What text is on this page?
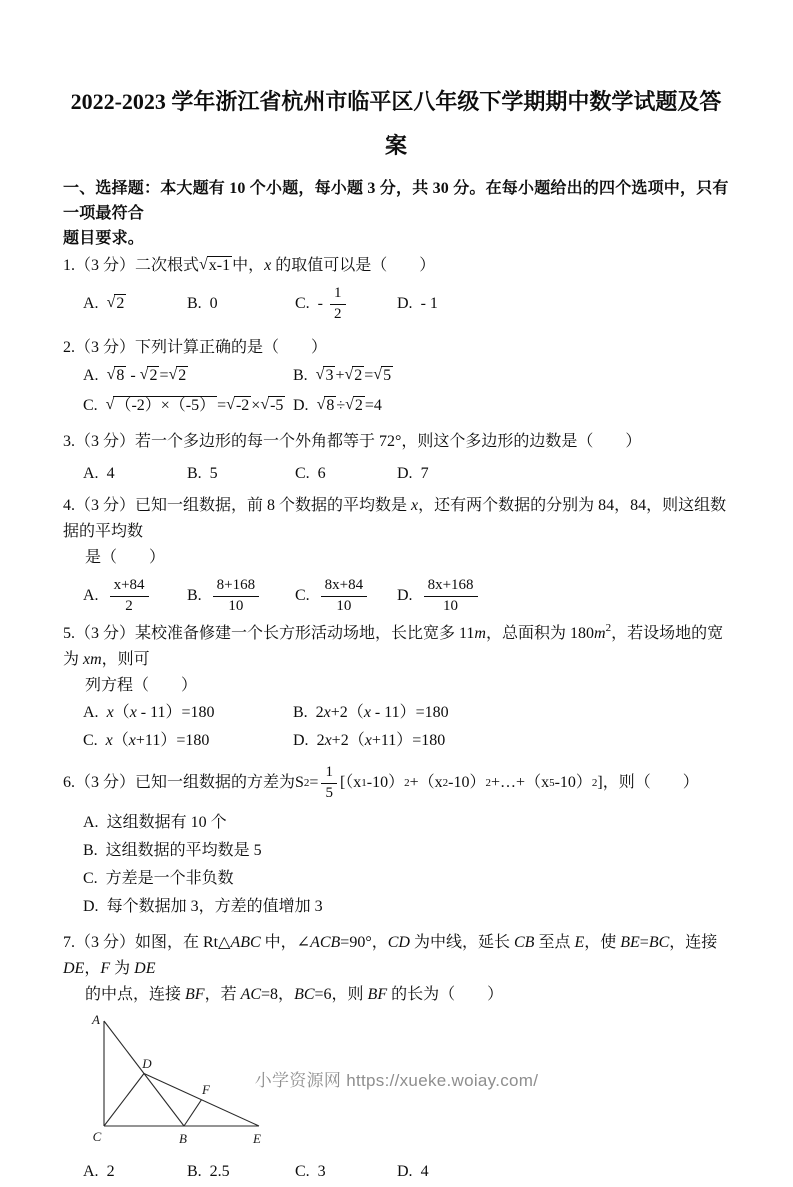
2022-2023 学年浙江省杭州市临平区八年级下学期期中数学试题及答
案
一、选择题：本大题有 10 个小题，每小题 3 分，共 30 分。在每小题给出的四个选项中，只有一项最符合
题目要求。
1.（3 分）二次根式√x-1 中，x 的取值可以是（　　）
A. √2	B. 0	C. - $\frac{1}{2}$	D. - 1
2.（3 分）下列计算正确的是（　　）
A. √8 - √2 =√2	B. √3 +√2 =√5
C. √（-2）×（-5） =√-2 ×√-5 D. √8 ÷√2 =4
3.（3 分）若一个多边形的每一个外角都等于 72°，则这个多边形的边数是（　　）
A. 4	B. 5	C. 6	D. 7
4.（3 分）已知一组数据，前 8 个数据的平均数是 x，还有两个数据的分别为 84，84，则这组数据的平均数
是（　　）
A. $\frac{x+84}{2} B$. $\frac{8+168}{10} C$. $\frac{8x+84}{10} D$. $\frac{8x+168}{10}$
5.（3 分）某校准备修建一个长方形活动场地，长比宽多 11m，总面积为 $180m^2$，若设场地的宽为 xm，则可
列方程（　　）
A. x（x - 11）=180	B. 2x+2（x - 11）=180
C. x（x+11）=180	D. 2x+2（x+11）=180
6.（3 分）已知一组数据的方差为 S $2 = \frac{1}{5} [(x$ 1 -10） 2 +（x 2 -10） 2 +…+（x 5 -10） 2 ]，则（　　）
A. 这组数据有 10 个
B. 这组数据的平均数是 5
C. 方差是一个非负数
D. 每个数据加 3，方差的值增加 3
7.（3 分）如图，在 Rt△ABC 中，∠ACB=90°，CD 为中线，延长 CB 至点 E，使 BE=BC，连接 DE，F 为 DE
的中点，连接 BF，若 AC=8，BC=6，则 BF 的长为（　　）
A
C	B	E
D
F
A. 2	B. 2.5	C. 3	D. 4
小学资源网 https://xueke.woiay.com/
